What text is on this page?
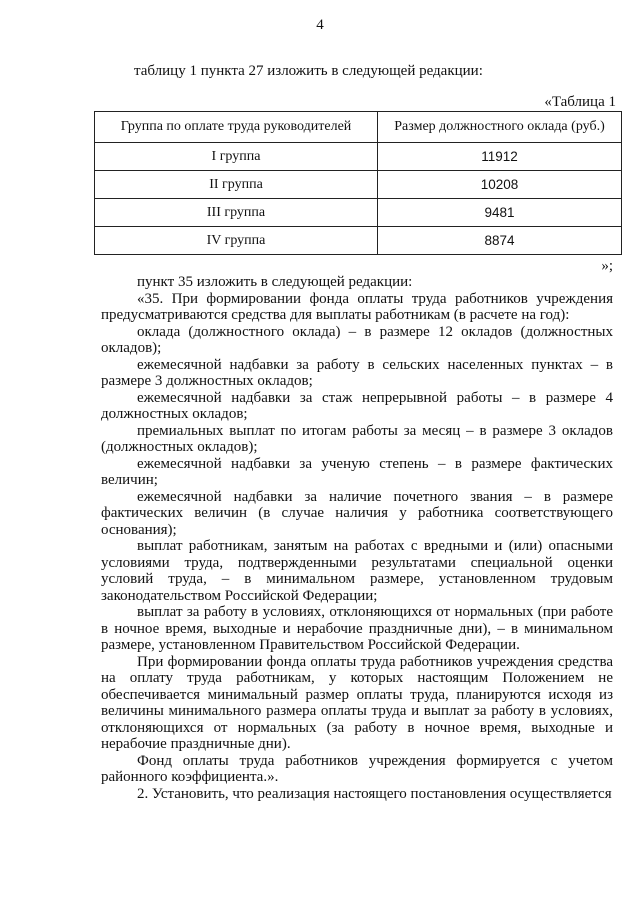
4
таблицу 1 пункта 27 изложить в следующей редакции:
«Таблица 1
Группа по оплате труда руководителей	Размер должностного оклада (руб.)
I группа	11912
II группа	10208
III группа	9481
IV группа	8874
»;

пункт 35 изложить в следующей редакции:

«35. При формировании фонда оплаты труда работников учреждения предусматриваются средства для выплаты работникам (в расчете на год):

оклада (должностного оклада) – в размере 12 окладов (должностных окладов);

ежемесячной надбавки за работу в сельских населенных пунктах – в размере 3 должностных окладов;

ежемесячной надбавки за стаж непрерывной работы – в размере 4 должностных окладов;

премиальных выплат по итогам работы за месяц – в размере 3 окладов (должностных окладов);

ежемесячной надбавки за ученую степень – в размере фактических величин;

ежемесячной надбавки за наличие почетного звания – в размере фактических величин (в случае наличия у работника соответствующего основания);

выплат работникам, занятым на работах с вредными и (или) опасными условиями труда, подтвержденными результатами специальной оценки условий труда, – в минимальном размере, установленном трудовым законодательством Российской Федерации;

выплат за работу в условиях, отклоняющихся от нормальных (при работе в ночное время, выходные и нерабочие праздничные дни), – в минимальном размере, установленном Правительством Российской Федерации.

При формировании фонда оплаты труда работников учреждения средства на оплату труда работникам, у которых настоящим Положением не обеспечивается минимальный размер оплаты труда, планируются исходя из величины минимального размера оплаты труда и выплат за работу в условиях, отклоняющихся от нормальных (за работу в ночное время, выходные и нерабочие праздничные дни).

Фонд оплаты труда работников учреждения формируется с учетом районного коэффициента.».

2. Установить, что реализация настоящего постановления осуществляется
